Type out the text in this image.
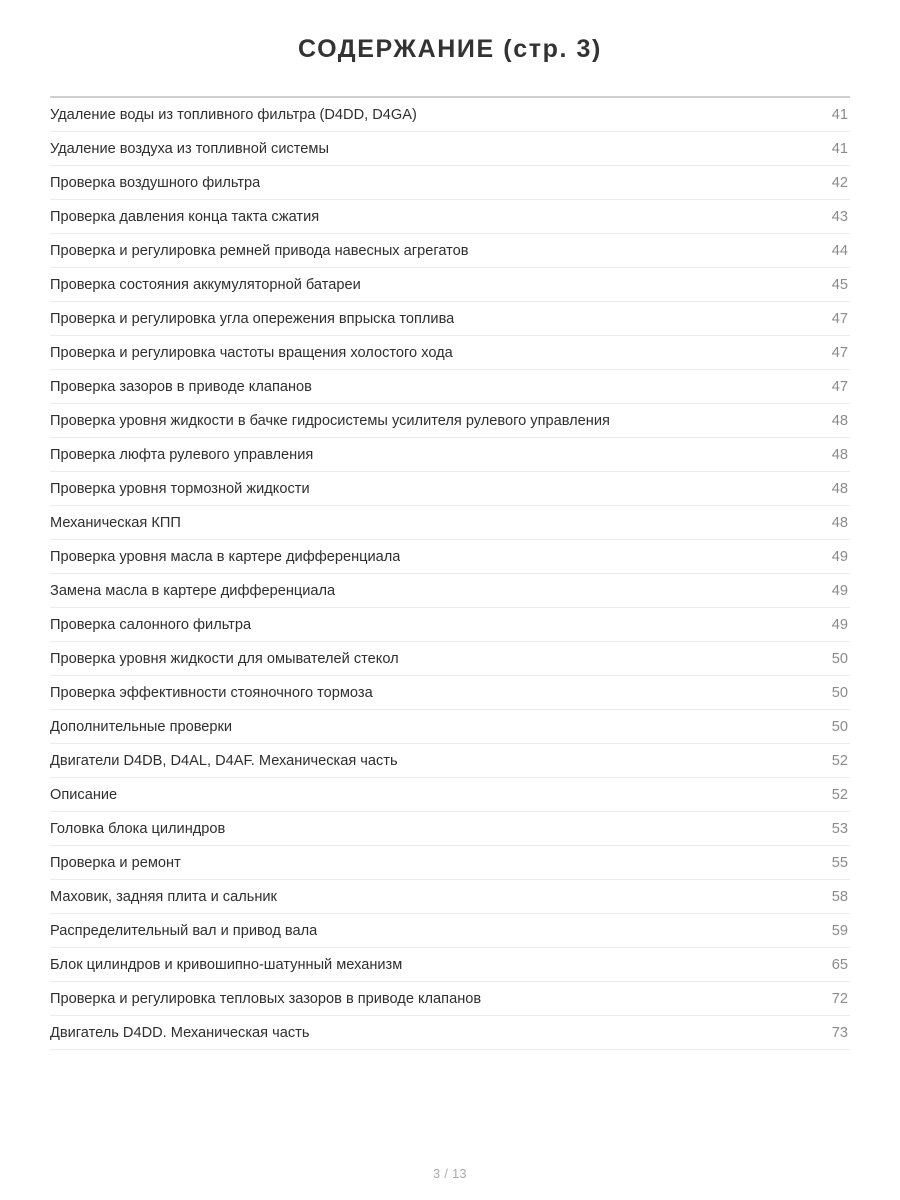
СОДЕРЖАНИЕ (стр. 3)
Удаление воды из топливного фильтра (D4DD, D4GA)	41
Удаление воздуха из топливной системы	41
Проверка воздушного фильтра	42
Проверка давления конца такта сжатия	43
Проверка и регулировка ремней привода навесных агрегатов	44
Проверка состояния аккумуляторной батареи	45
Проверка и регулировка угла опережения впрыска топлива	47
Проверка и регулировка частоты вращения холостого хода	47
Проверка зазоров в приводе клапанов	47
Проверка уровня жидкости в бачке гидросистемы усилителя рулевого управления	48
Проверка люфта рулевого управления	48
Проверка уровня тормозной жидкости	48
Механическая КПП	48
Проверка уровня масла в картере дифференциала	49
Замена масла в картере дифференциала	49
Проверка салонного фильтра	49
Проверка уровня жидкости для омывателей стекол	50
Проверка эффективности стояночного тормоза	50
Дополнительные проверки	50
Двигатели D4DB, D4AL, D4AF. Механическая часть	52
Описание	52
Головка блока цилиндров	53
Проверка и ремонт	55
Маховик, задняя плита и сальник	58
Распределительный вал и привод вала	59
Блок цилиндров и кривошипно-шатунный механизм	65
Проверка и регулировка тепловых зазоров в приводе клапанов	72
Двигатель D4DD. Механическая часть	73
3 / 13
